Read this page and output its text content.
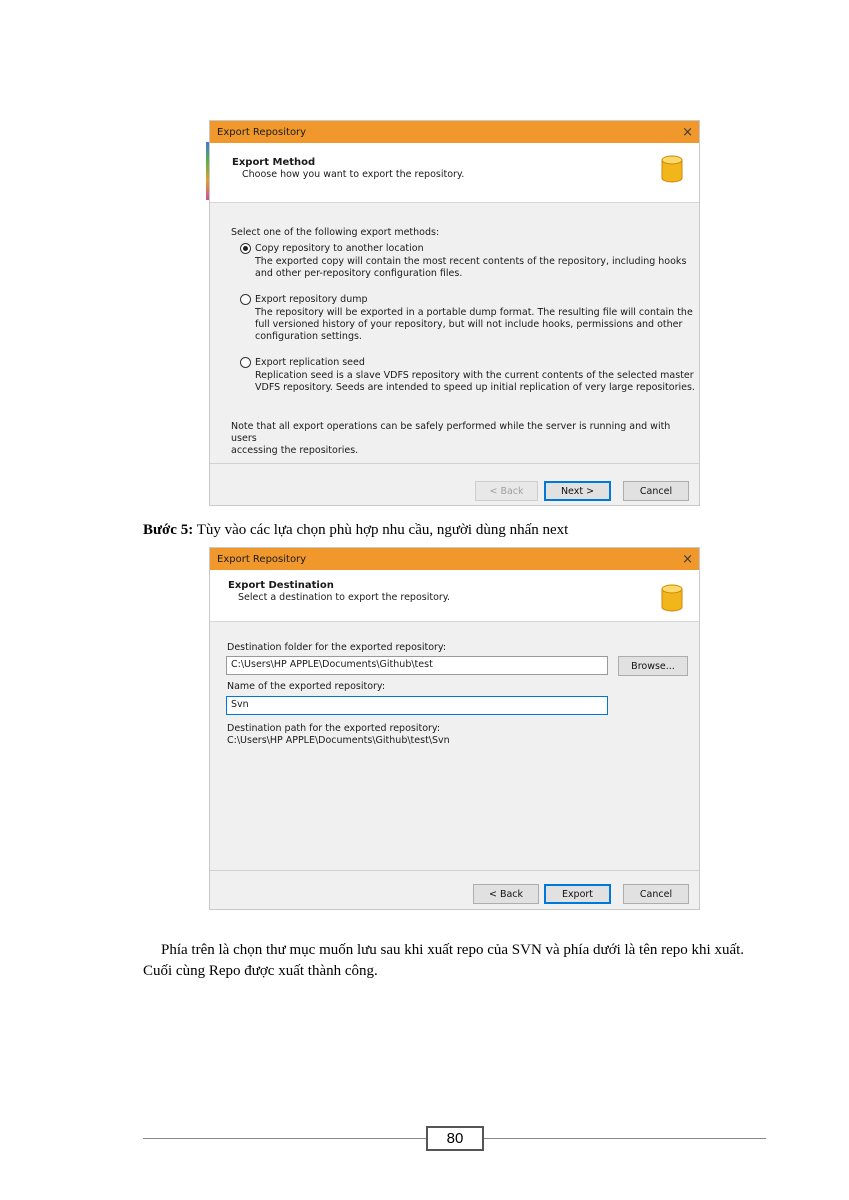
Export Repository	×
Export Method
Choose how you want to export the repository.
Select one of the following export methods:
Copy repository to another location
The exported copy will contain the most recent contents of the repository, including hooks
and other per-repository configuration files.
Export repository dump
The repository will be exported in a portable dump format. The resulting file will contain the
full versioned history of your repository, but will not include hooks, permissions and other
configuration settings.
Export replication seed
Replication seed is a slave VDFS repository with the current contents of the selected master
VDFS repository. Seeds are intended to speed up initial replication of very large repositories.
Note that all export operations can be safely performed while the server is running and with users
accessing the repositories.
< Back	Next >	Cancel
Bước 5: Tùy vào các lựa chọn phù hợp nhu cầu, người dùng nhấn next
Export Repository	×
Export Destination
Select a destination to export the repository.
Destination folder for the exported repository:
C:\Users\HP APPLE\Documents\Github\test	Browse...
Name of the exported repository:
Svn
Destination path for the exported repository:
C:\Users\HP APPLE\Documents\Github\test\Svn
< Back	Export	Cancel
Phía trên là chọn thư mục muốn lưu sau khi xuất repo của SVN và phía dưới là tên repo khi xuất. Cuối cùng Repo được xuất thành công.
80
